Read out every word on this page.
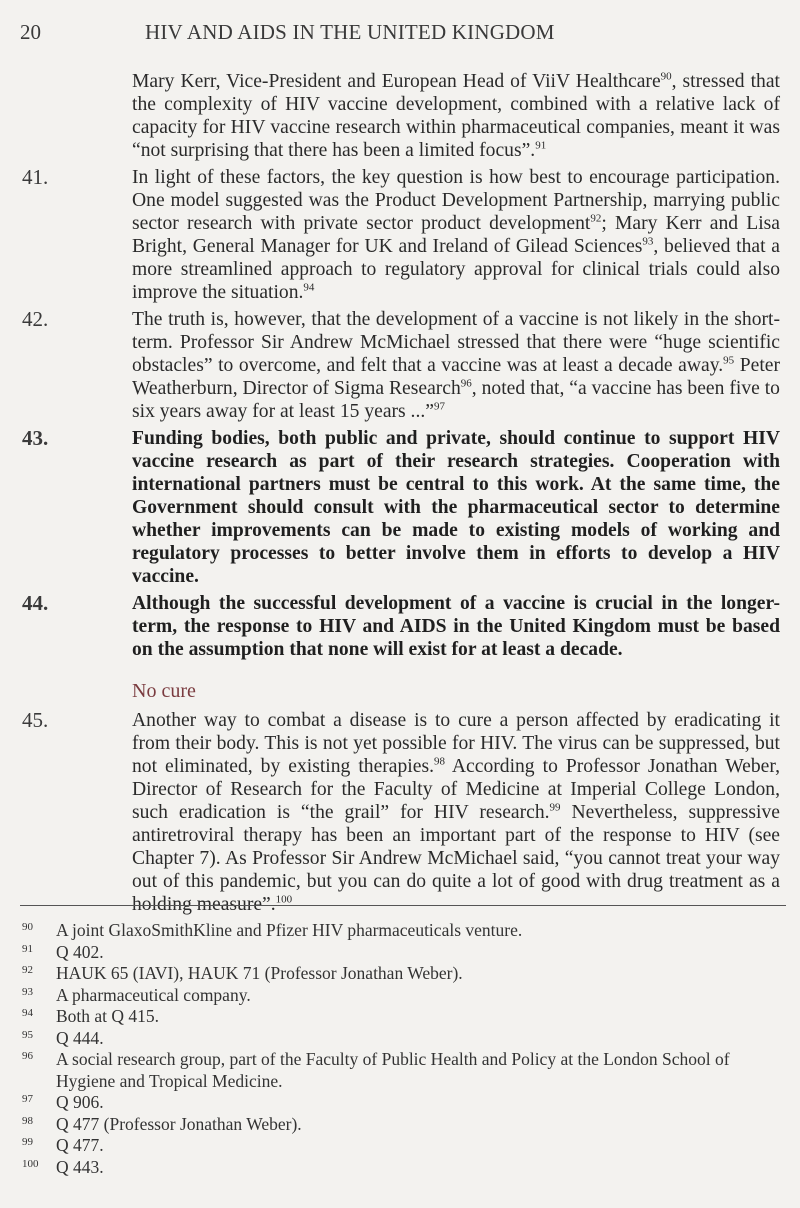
20	HIV AND AIDS IN THE UNITED KINGDOM
Mary Kerr, Vice-President and European Head of ViiV Healthcare$^{90}$, stressed that the complexity of HIV vaccine development, combined with a relative lack of capacity for HIV vaccine research within pharmaceutical companies, meant it was “not surprising that there has been a limited focus”.$^{91}$
41.	In light of these factors, the key question is how best to encourage participation. One model suggested was the Product Development Partnership, marrying public sector research with private sector product development$^{92}$; Mary Kerr and Lisa Bright, General Manager for UK and Ireland of Gilead Sciences$^{93}$, believed that a more streamlined approach to regulatory approval for clinical trials could also improve the situation.$^{94}$
42.	The truth is, however, that the development of a vaccine is not likely in the short-term. Professor Sir Andrew McMichael stressed that there were “huge scientific obstacles” to overcome, and felt that a vaccine was at least a decade away.$^{95}$ Peter Weatherburn, Director of Sigma Research$^{96}$, noted that, “a vaccine has been five to six years away for at least 15 years ...”$^{97}$
43.	Funding bodies, both public and private, should continue to support HIV vaccine research as part of their research strategies. Cooperation with international partners must be central to this work. At the same time, the Government should consult with the pharmaceutical sector to determine whether improvements can be made to existing models of working and regulatory processes to better involve them in efforts to develop a HIV vaccine.
44.	Although the successful development of a vaccine is crucial in the longer-term, the response to HIV and AIDS in the United Kingdom must be based on the assumption that none will exist for at least a decade.
No cure
45.	Another way to combat a disease is to cure a person affected by eradicating it from their body. This is not yet possible for HIV. The virus can be suppressed, but not eliminated, by existing therapies.$^{98}$ According to Professor Jonathan Weber, Director of Research for the Faculty of Medicine at Imperial College London, such eradication is “the grail” for HIV research.$^{99}$ Nevertheless, suppressive antiretroviral therapy has been an important part of the response to HIV (see Chapter 7). As Professor Sir Andrew McMichael said, “you cannot treat your way out of this pandemic, but you can do quite a lot of good with drug treatment as a holding measure”.$^{100}$
90 A joint GlaxoSmithKline and Pfizer HIV pharmaceuticals venture.
91 Q 402.
92 HAUK 65 (IAVI), HAUK 71 (Professor Jonathan Weber).
93 A pharmaceutical company.
94 Both at Q 415.
95 Q 444.
96 A social research group, part of the Faculty of Public Health and Policy at the London School of Hygiene and Tropical Medicine.
97 Q 906.
98 Q 477 (Professor Jonathan Weber).
99 Q 477.
100 Q 443.
